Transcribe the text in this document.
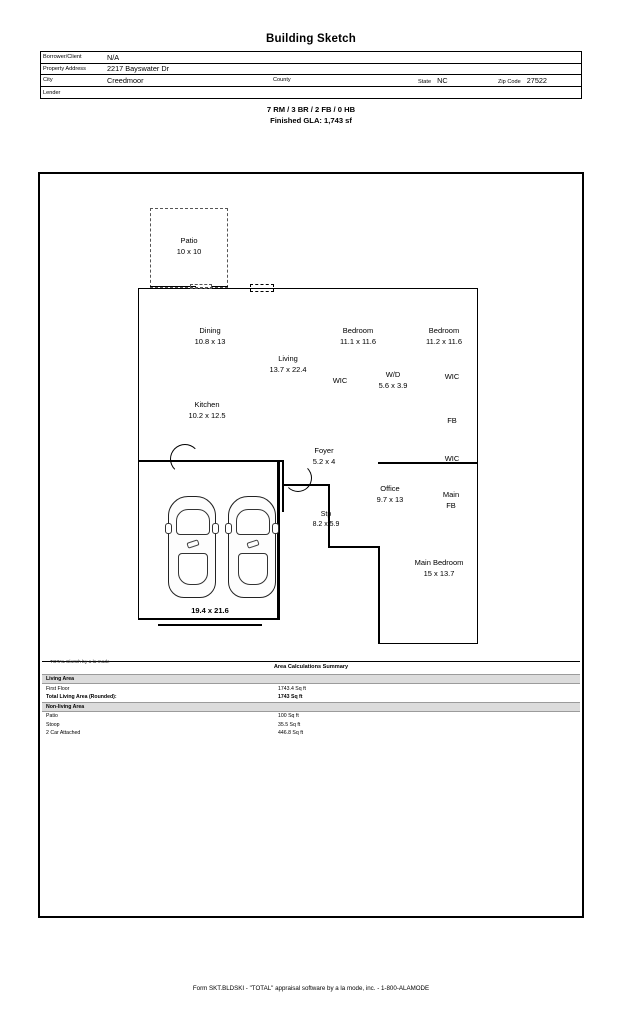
Building Sketch
Borrower/Client	N/A
Property Address	2217 Bayswater Dr
City	Creedmoor	County	State NC	Zip Code 27522
Lender
7 RM / 3 BR / 2 FB / 0 HB
Finished GLA: 1,743 sf
Patio
10 x 10
Dining
10.8 x 13
Living
13.7 x 22.4
Kitchen
10.2 x 12.5
Bedroom
11.1 x 11.6
Bedroom
11.2 x 11.6
WIC
W/D
5.6 x 3.9
WIC
FB
WIC
Foyer
5.2 x 4
Office
9.7 x 13
Stp
8.2 x 5.9
Main
FB
Main Bedroom
15 x 13.7
19.4 x 21.6
TOTAL Sketch by a la mode
Area Calculations Summary
Living Area
First Floor	1743.4 Sq ft
Total Living Area (Rounded):	1743 Sq ft
Non-living Area
Patio	100 Sq ft
Stoop	35.5 Sq ft
2 Car Attached	446.8 Sq ft
Form SKT.BLDSKI - "TOTAL" appraisal software by a la mode, inc. - 1-800-ALAMODE
